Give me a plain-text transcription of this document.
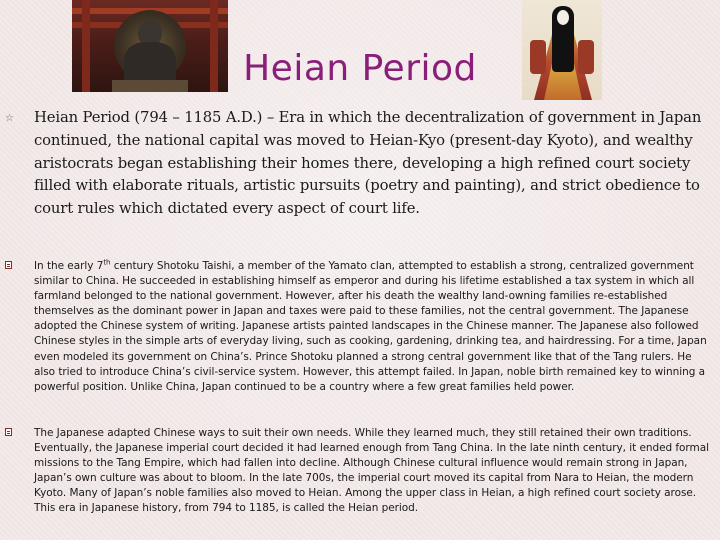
Heian Period
☆ Heian Period (794 – 1185 A.D.) – Era in which the decentralization of government in Japan continued, the national capital was moved to Heian-Kyo (present-day Kyoto), and wealthy aristocrats began establishing their homes there, developing a high refined court society filled with elaborate rituals, artistic pursuits (poetry and painting), and strict obedience to court rules which dictated every aspect of court life.
In the early 7th century Shotoku Taishi, a member of the Yamato clan, attempted to establish a strong, centralized government similar to China. He succeeded in establishing himself as emperor and during his lifetime established a tax system in which all farmland belonged to the national government. However, after his death the wealthy land-owning families re-established themselves as the dominant power in Japan and taxes were paid to these families, not the central government. The Japanese adopted the Chinese system of writing. Japanese artists painted landscapes in the Chinese manner. The Japanese also followed Chinese styles in the simple arts of everyday living, such as cooking, gardening, drinking tea, and hairdressing. For a time, Japan even modeled its government on China’s. Prince Shotoku planned a strong central government like that of the Tang rulers. He also tried to introduce China’s civil-service system. However, this attempt failed. In Japan, noble birth remained key to winning a powerful position. Unlike China, Japan continued to be a country where a few great families held power.
The Japanese adapted Chinese ways to suit their own needs. While they learned much, they still retained their own traditions. Eventually, the Japanese imperial court decided it had learned enough from Tang China. In the late ninth century, it ended formal missions to the Tang Empire, which had fallen into decline. Although Chinese cultural influence would remain strong in Japan, Japan’s own culture was about to bloom. In the late 700s, the imperial court moved its capital from Nara to Heian, the modern Kyoto. Many of Japan’s noble families also moved to Heian. Among the upper class in Heian, a high refined court society arose. This era in Japanese history, from 794 to 1185, is called the Heian period.
